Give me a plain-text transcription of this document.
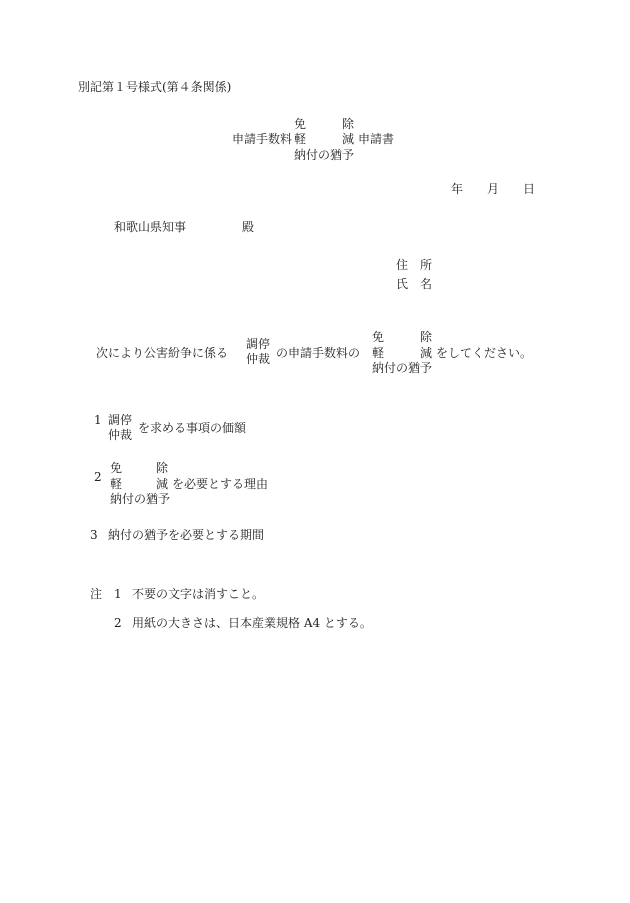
別記第１号様式(第４条関係)
免	除
申請手数料 軽	減 申請書
納付の猶予
年 月 日
和歌山県知事	殿
住　所
氏　名
次により公害紛争に係る
調停
仲裁 の申請手数料の
免	除
軽	減 をしてください。
納付の猶予
1 調停
仲裁 を求める事項の価額
免	除
2 軽	減 を必要とする理由
納付の猶予
3 納付の猶予を必要とする期間
注 1 不要の文字は消すこと。
2 用紙の大きさは、日本産業規格 A4 とする。
